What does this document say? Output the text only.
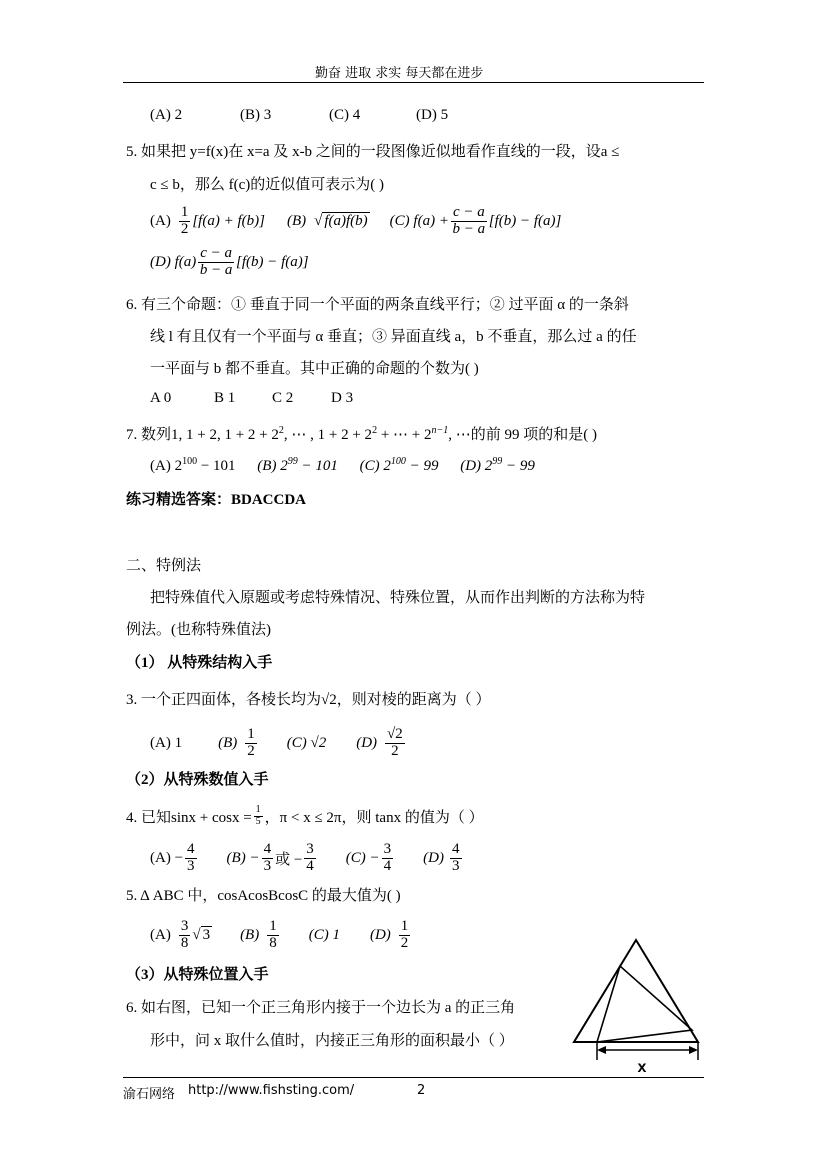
勤奋 进取 求实 每天都在进步
(A) 2	(B) 3	(C) 4	(D) 5
5. 如果把 y=f(x)在 x=a 及 x-b 之间的一段图像近似地看作直线的一段，设a ≤
c ≤ b，那么 f(c)的近似值可表示为( )
$(A) \frac{1}{2} [f(a) + f(b)]$ (B) √ f(a)f(b) (C) $f(a) + \frac{c - a}{b - a} [f(b) - f(a)]$
(D) $f(a) \frac{c - a}{b - a} [f(b) - f(a)]$
6. 有三个命题：① 垂直于同一个平面的两条直线平行；② 过平面 α 的一条斜
线 l 有且仅有一个平面与 α 垂直；③ 异面直线 a，b 不垂直，那么过 a 的任
一平面与 b 都不垂直。其中正确的命题的个数为( )
A 0	B 1 C 2	D 3
7. 数列1, 1 + 2, $1 + 2 + 2^2$, ⋯ , $1 + 2 + 2^2$ + ⋯ + $2^{n-1}$, ⋯的前 99 项的和是( )
(A) $2^{100} - 101$ (B) $2^{99} - 101$ (C) $2^{100} - 99$ (D) $2^{99} - 99$
练习精选答案：BDACCDA
二、特例法
把特殊值代入原题或考虑特殊情况、特殊位置，从而作出判断的方法称为特
例法。(也称特殊值法)
（1） 从特殊结构入手
3. 一个正四面体，各棱长均为√2，则对棱的距离为（ ）
(A) 1 $(B) \frac{1}{2} (C)$ √2 $(D) \frac{√2}{2}$
（2）从特殊数值入手
4. 已知$\sin x + \cos x = \frac{1}{5}$ ，π < x ≤ 2π，则 tanx 的值为（ ）
$(A) - \frac{4}{3} (B) - \frac{4}{3}$ 或 − $\frac{3}{4} (C) - \frac{3}{4} (D) \frac{4}{3}$
5. Δ ABC 中，cosAcosBcosC 的最大值为( )
$(A) \frac{3}{8}$ √ 3 $(B) \frac{1}{8} (C)$ 1 $(D) \frac{1}{2}$
（3）从特殊位置入手
6. 如右图，已知一个正三角形内接于一个边长为 a 的正三角
形中，问 x 取什么值时，内接正三角形的面积最小（ ）
x
渝石网络 http://www.fishsting.com/	2
